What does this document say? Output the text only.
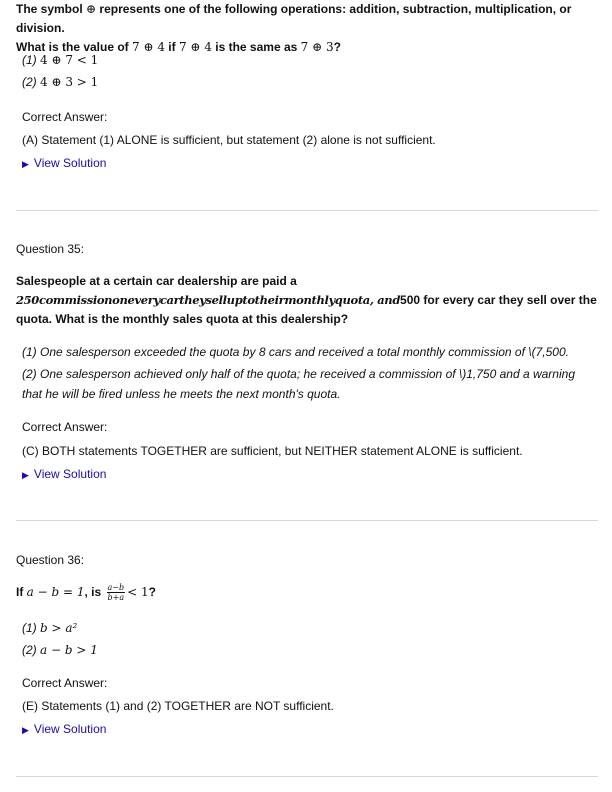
The symbol ⊕ represents one of the following operations: addition, subtraction, multiplication, or division.
What is the value of 7 ⊕ 4 if 7 ⊕ 4 is the same as 7 ⊕ 3?
(1) 4 ⊕ 7 < 1
(2) 4 ⊕ 3 > 1
Correct Answer:
(A) Statement (1) ALONE is sufficient, but statement (2) alone is not sufficient.
▶ View Solution
Question 35:
Salespeople at a certain car dealership are paid a
250commissiononeverycartheyselluptotheirmonthlyquota, and500 for every car they sell over the
quota. What is the monthly sales quota at this dealership?
(1) One salesperson exceeded the quota by 8 cars and received a total monthly commission of \(7,500.
(2) One salesperson achieved only half of the quota; he received a commission of \)1,750 and a warning
that he will be fired unless he meets the next month's quota.
Correct Answer:
(C) BOTH statements TOGETHER are sufficient, but NEITHER statement ALONE is sufficient.
▶ View Solution
Question 36:
If a − b = 1, is $\frac{a-b}{b+a} < 1$?
(1) b > a²
(2) a − b > 1
Correct Answer:
(E) Statements (1) and (2) TOGETHER are NOT sufficient.
▶ View Solution
